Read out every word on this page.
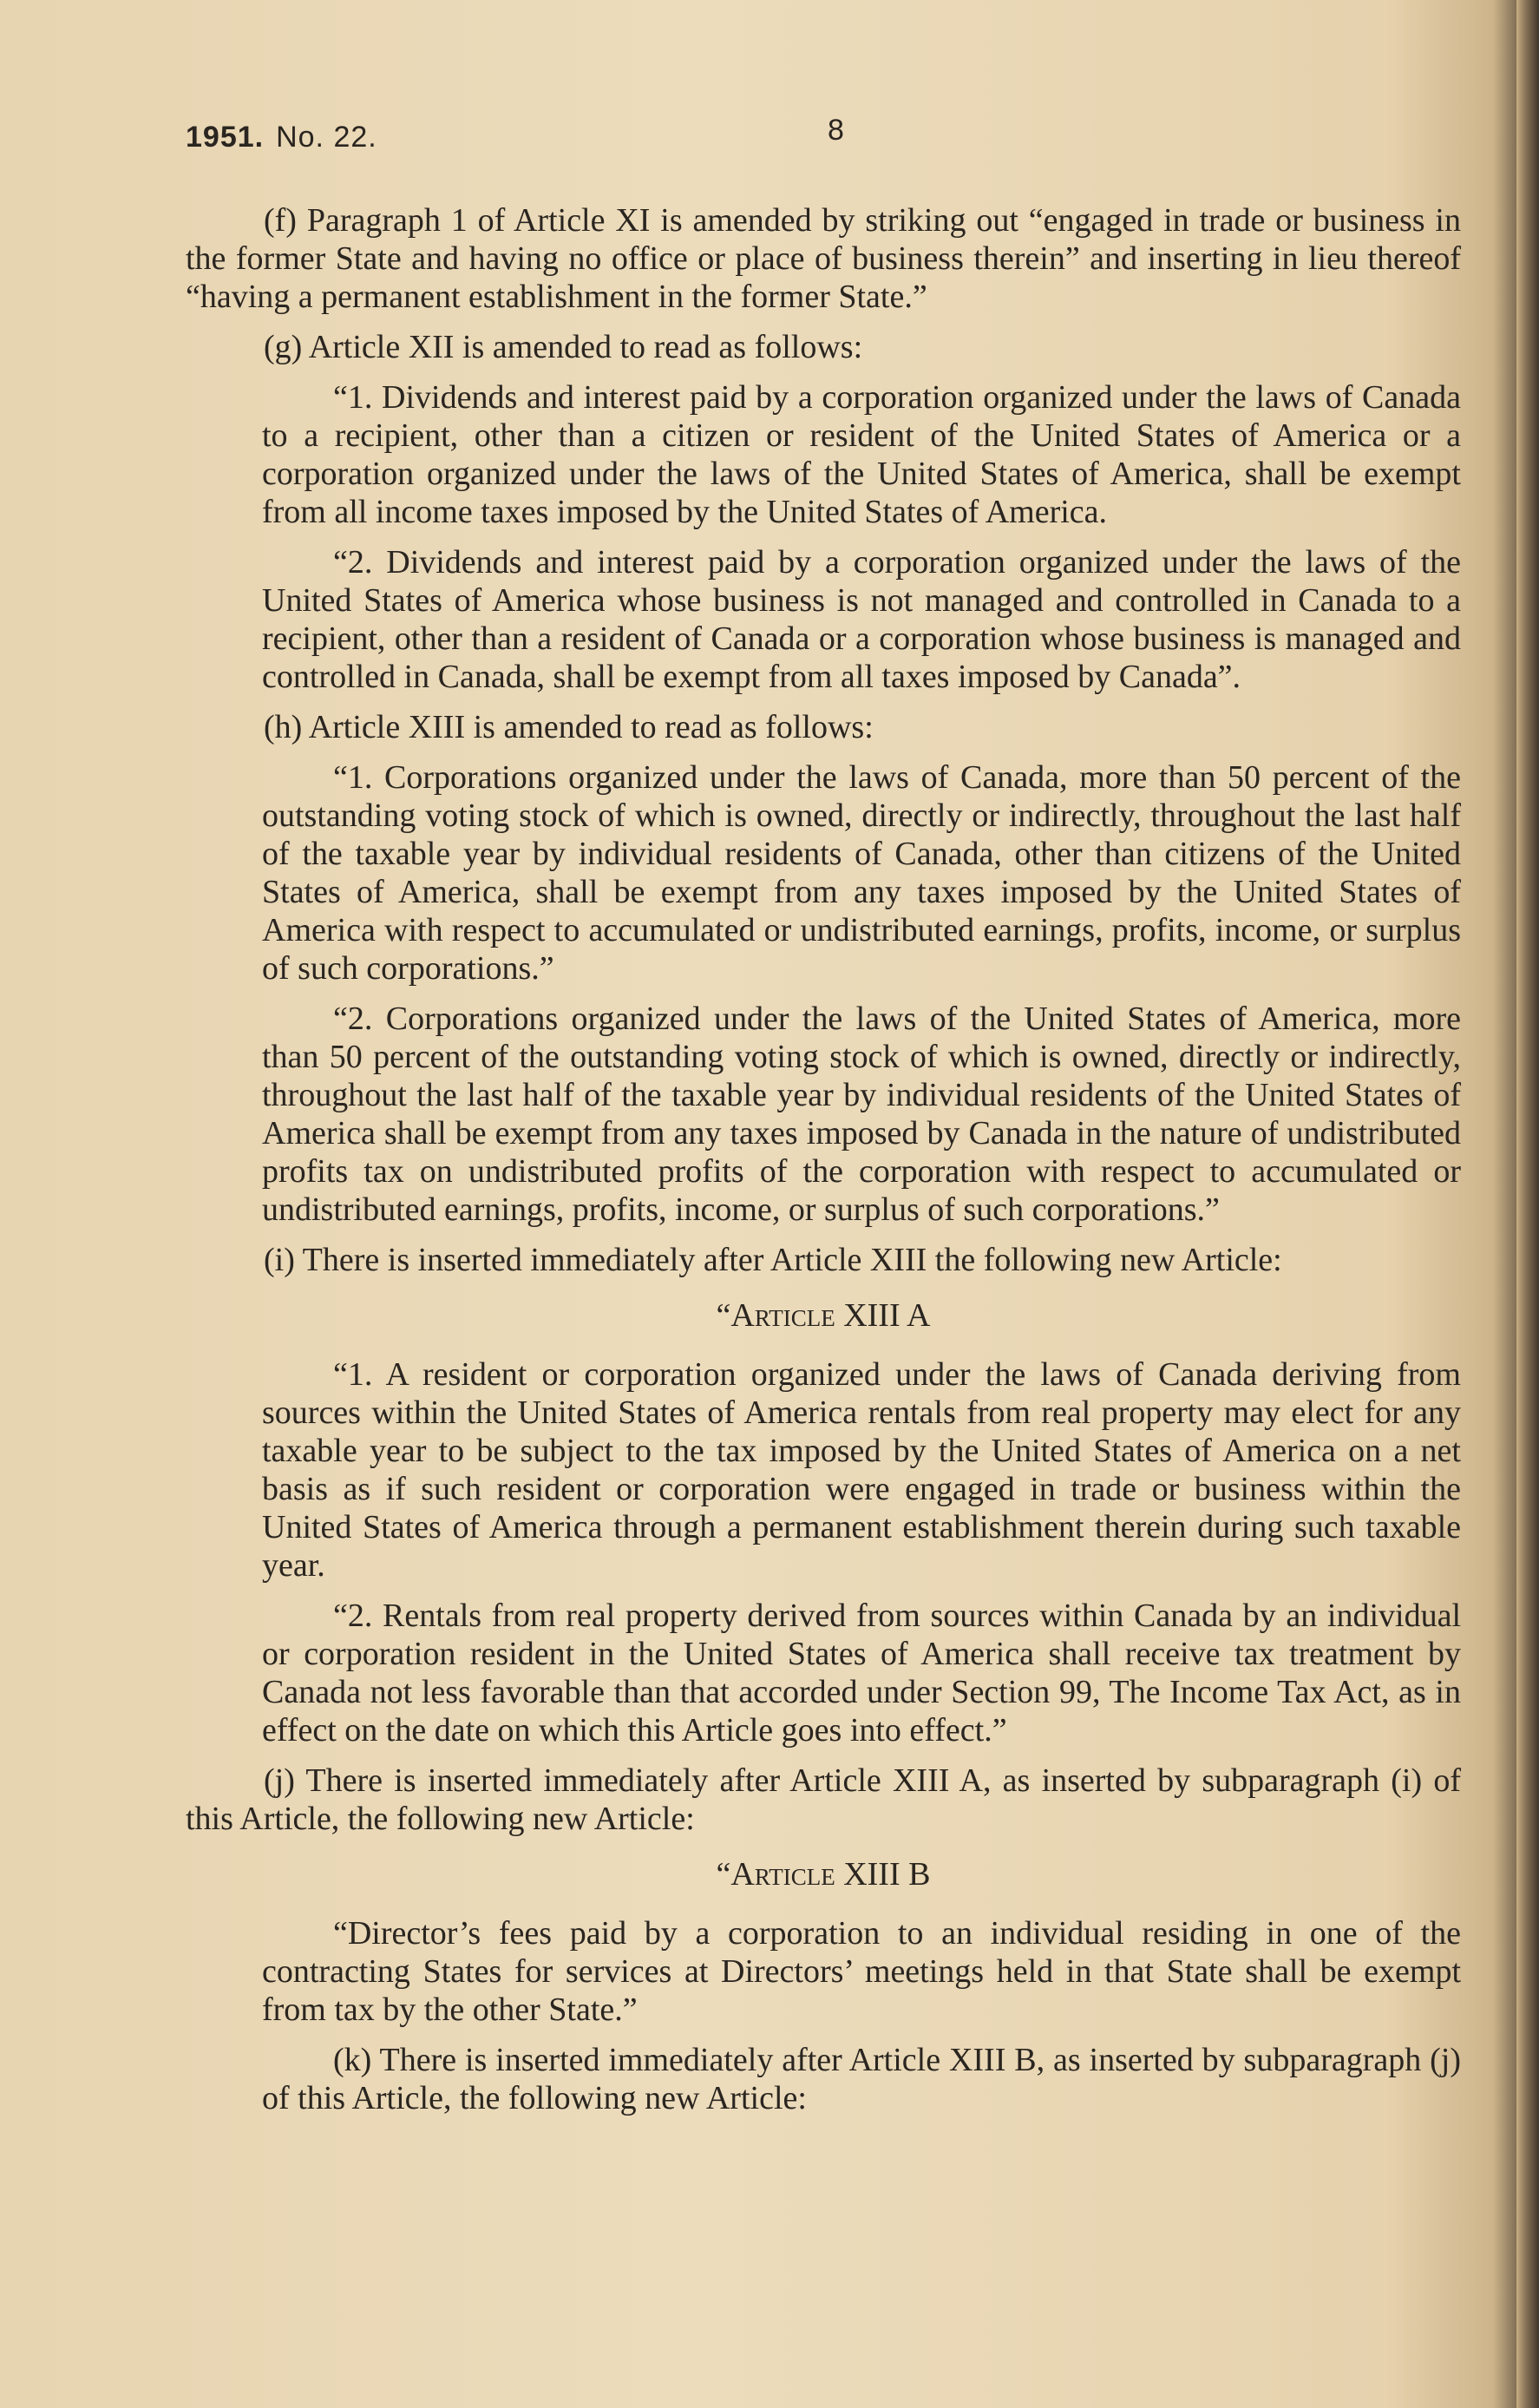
1951. No. 22.	8

(f) Paragraph 1 of Article XI is amended by striking out “engaged in trade or business in the former State and having no office or place of business therein” and inserting in lieu thereof “having a permanent establishment in the former State.”

(g) Article XII is amended to read as follows:

“1. Dividends and interest paid by a corporation organized under the laws of Canada to a recipient, other than a citizen or resident of the United States of America or a corporation organized under the laws of the United States of America, shall be exempt from all income taxes imposed by the United States of America.

“2. Dividends and interest paid by a corporation organized under the laws of the United States of America whose business is not managed and controlled in Canada to a recipient, other than a resident of Canada or a corporation whose business is managed and controlled in Canada, shall be exempt from all taxes imposed by Canada”.

(h) Article XIII is amended to read as follows:

“1. Corporations organized under the laws of Canada, more than 50 percent of the outstanding voting stock of which is owned, directly or indirectly, throughout the last half of the taxable year by individual residents of Canada, other than citizens of the United States of America, shall be exempt from any taxes imposed by the United States of America with respect to accumulated or undistributed earnings, profits, income, or surplus of such corporations.”

“2. Corporations organized under the laws of the United States of America, more than 50 percent of the outstanding voting stock of which is owned, directly or indirectly, throughout the last half of the taxable year by individual residents of the United States of America shall be exempt from any taxes imposed by Canada in the nature of undistributed profits tax on undistributed profits of the corporation with respect to accumulated or undistributed earnings, profits, income, or surplus of such corporations.”

(i) There is inserted immediately after Article XIII the following new Article:

“Article XIII A

“1. A resident or corporation organized under the laws of Canada deriving from sources within the United States of America rentals from real property may elect for any taxable year to be subject to the tax imposed by the United States of America on a net basis as if such resident or corporation were engaged in trade or business within the United States of America through a permanent establishment therein during such taxable year.

“2. Rentals from real property derived from sources within Canada by an individual or corporation resident in the United States of America shall receive tax treatment by Canada not less favorable than that accorded under Section 99, The Income Tax Act, as in effect on the date on which this Article goes into effect.”

(j) There is inserted immediately after Article XIII A, as inserted by subparagraph (i) of this Article, the following new Article:

“Article XIII B

“Director’s fees paid by a corporation to an individual residing in one of the contracting States for services at Directors’ meetings held in that State shall be exempt from tax by the other State.”

(k) There is inserted immediately after Article XIII B, as inserted by subparagraph (j) of this Article, the following new Article:
